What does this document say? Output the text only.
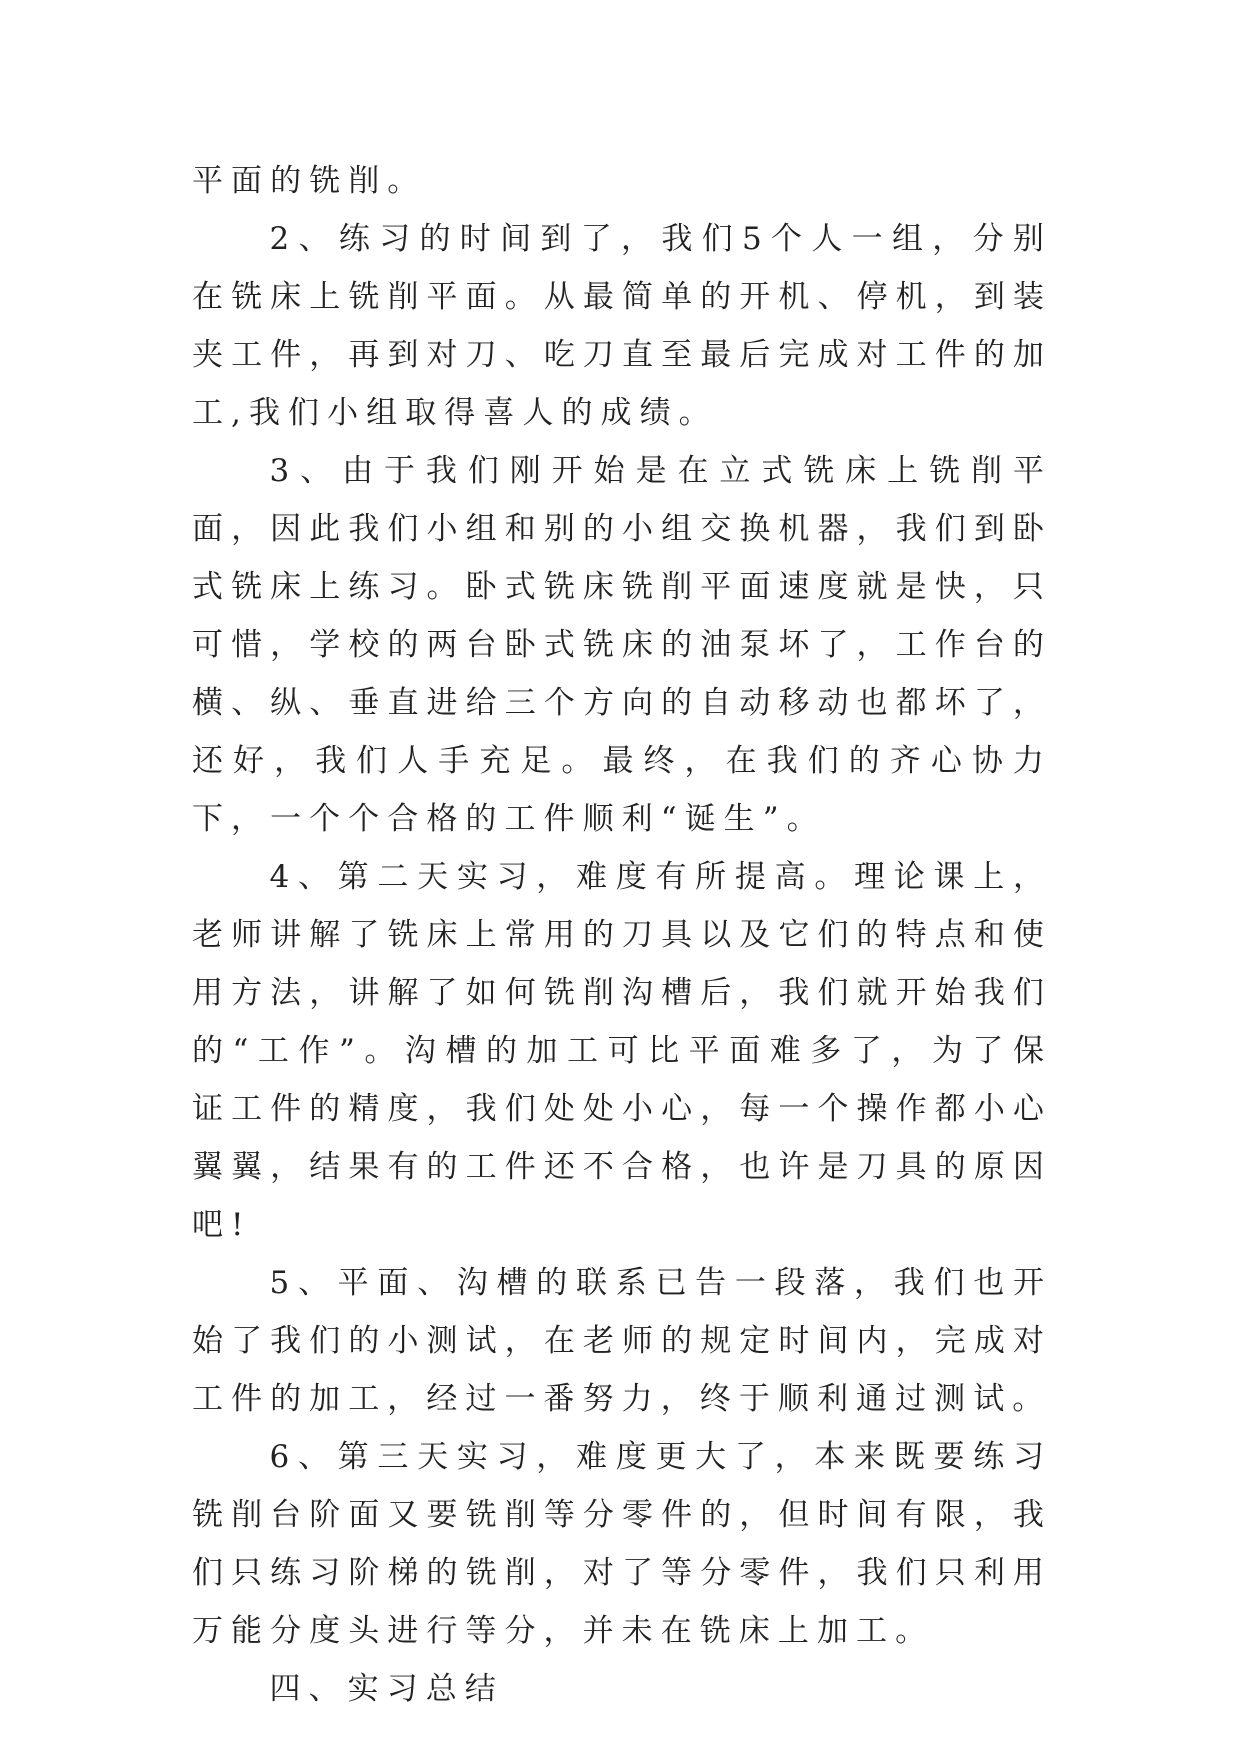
平面的铣削。

2、练习的时间到了，我们5个人一组，分别在铣床上铣削平面。从最简单的开机、停机，到装夹工件，再到对刀、吃刀直至最后完成对工件的加工,我们小组取得喜人的成绩。

3、由于我们刚开始是在立式铣床上铣削平面，因此我们小组和别的小组交换机器，我们到卧式铣床上练习。卧式铣床铣削平面速度就是快，只可惜，学校的两台卧式铣床的油泵坏了，工作台的横、纵、垂直进给三个方向的自动移动也都坏了，还好，我们人手充足。最终，在我们的齐心协力下，一个个合格的工件顺利“诞生”。

4、第二天实习，难度有所提高。理论课上，老师讲解了铣床上常用的刀具以及它们的特点和使用方法，讲解了如何铣削沟槽后，我们就开始我们的“工作”。沟槽的加工可比平面难多了，为了保证工件的精度，我们处处小心，每一个操作都小心翼翼，结果有的工件还不合格，也许是刀具的原因吧!

5、平面、沟槽的联系已告一段落，我们也开始了我们的小测试，在老师的规定时间内，完成对工件的加工，经过一番努力，终于顺利通过测试。

6、第三天实习，难度更大了，本来既要练习铣削台阶面又要铣削等分零件的，但时间有限，我们只练习阶梯的铣削，对了等分零件，我们只利用万能分度头进行等分，并未在铣床上加工。

四、实习总结
